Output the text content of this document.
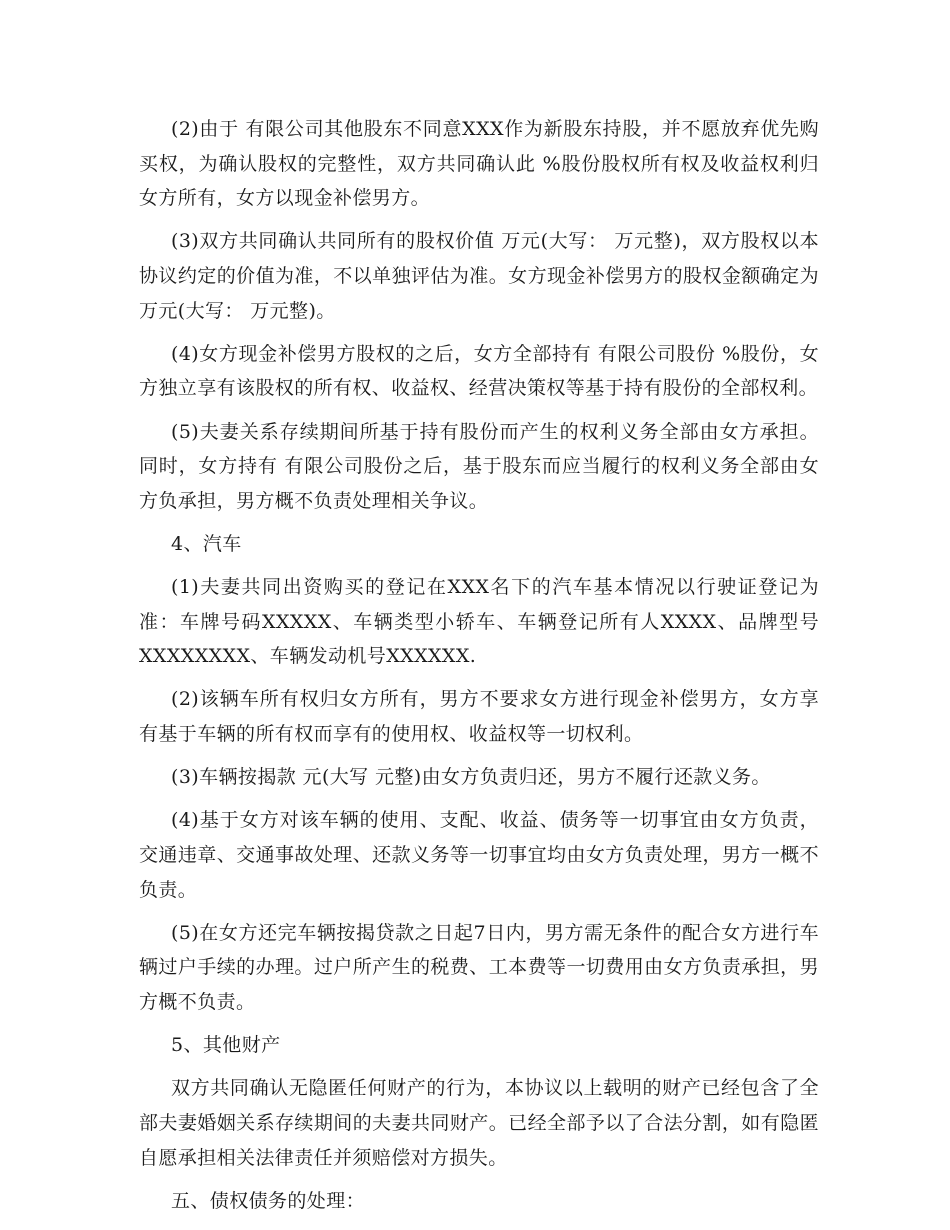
(2)由于 有限公司其他股东不同意XXX作为新股东持股，并不愿放弃优先购买权，为确认股权的完整性，双方共同确认此 %股份股权所有权及收益权利归女方所有，女方以现金补偿男方。

(3)双方共同确认共同所有的股权价值 万元(大写： 万元整)，双方股权以本协议约定的价值为准，不以单独评估为准。女方现金补偿男方的股权金额确定为 万元(大写： 万元整)。

(4)女方现金补偿男方股权的之后，女方全部持有 有限公司股份 %股份，女方独立享有该股权的所有权、收益权、经营决策权等基于持有股份的全部权利。

(5)夫妻关系存续期间所基于持有股份而产生的权利义务全部由女方承担。同时，女方持有 有限公司股份之后，基于股东而应当履行的权利义务全部由女方负承担，男方概不负责处理相关争议。

4、汽车

(1)夫妻共同出资购买的登记在XXX名下的汽车基本情况以行驶证登记为准：车牌号码XXXXX、车辆类型小轿车、车辆登记所有人XXXX、品牌型号XXXXXXXX、车辆发动机号XXXXXX.

(2)该辆车所有权归女方所有，男方不要求女方进行现金补偿男方，女方享有基于车辆的所有权而享有的使用权、收益权等一切权利。

(3)车辆按揭款 元(大写 元整)由女方负责归还，男方不履行还款义务。

(4)基于女方对该车辆的使用、支配、收益、债务等一切事宜由女方负责，交通违章、交通事故处理、还款义务等一切事宜均由女方负责处理，男方一概不负责。

(5)在女方还完车辆按揭贷款之日起7日内，男方需无条件的配合女方进行车辆过户手续的办理。过户所产生的税费、工本费等一切费用由女方负责承担，男方概不负责。

5、其他财产

双方共同确认无隐匿任何财产的行为，本协议以上载明的财产已经包含了全部夫妻婚姻关系存续期间的夫妻共同财产。已经全部予以了合法分割，如有隐匿自愿承担相关法律责任并须赔偿对方损失。

五、债权债务的处理：
